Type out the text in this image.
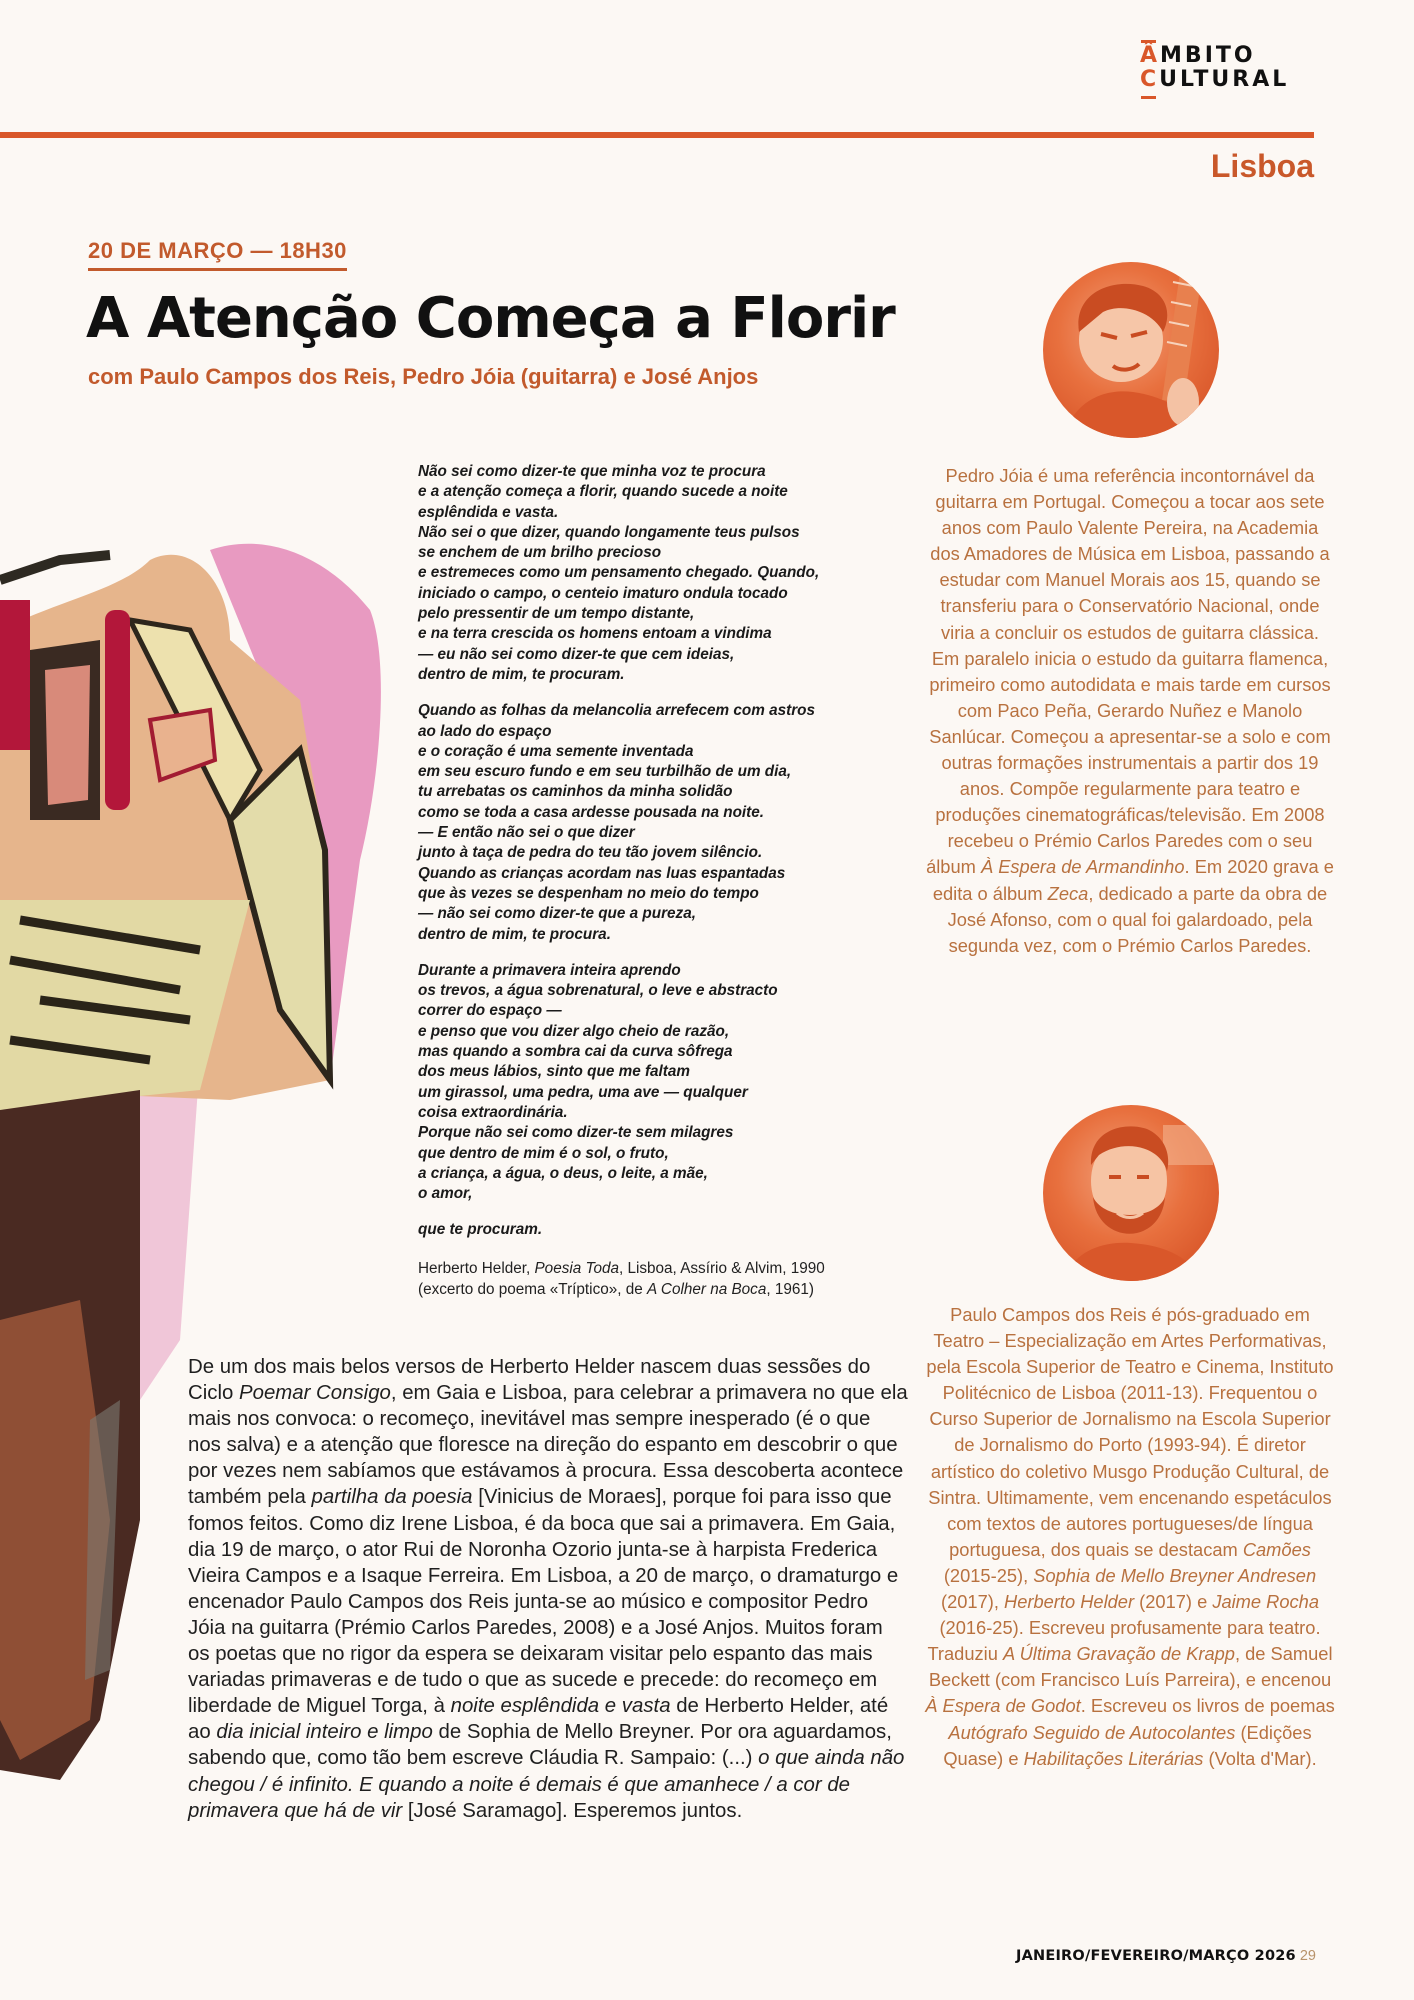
Â MBITO
C ULTURAL
Lisboa
20 DE MARÇO — 18H30
A Atenção Começa a Florir
com Paulo Campos dos Reis, Pedro Jóia (guitarra) e José Anjos
Não sei como dizer-te que minha voz te procura
e a atenção começa a florir, quando sucede a noite
esplêndida e vasta.
Não sei o que dizer, quando longamente teus pulsos
se enchem de um brilho precioso
e estremeces como um pensamento chegado. Quando,
iniciado o campo, o centeio imaturo ondula tocado
pelo pressentir de um tempo distante,
e na terra crescida os homens entoam a vindima
— eu não sei como dizer-te que cem ideias,
dentro de mim, te procuram.
Quando as folhas da melancolia arrefecem com astros
ao lado do espaço
e o coração é uma semente inventada
em seu escuro fundo e em seu turbilhão de um dia,
tu arrebatas os caminhos da minha solidão
como se toda a casa ardesse pousada na noite.
— E então não sei o que dizer
junto à taça de pedra do teu tão jovem silêncio.
Quando as crianças acordam nas luas espantadas
que às vezes se despenham no meio do tempo
— não sei como dizer-te que a pureza,
dentro de mim, te procura.
Durante a primavera inteira aprendo
os trevos, a água sobrenatural, o leve e abstracto
correr do espaço —
e penso que vou dizer algo cheio de razão,
mas quando a sombra cai da curva sôfrega
dos meus lábios, sinto que me faltam
um girassol, uma pedra, uma ave — qualquer
coisa extraordinária.
Porque não sei como dizer-te sem milagres
que dentro de mim é o sol, o fruto,
a criança, a água, o deus, o leite, a mãe,
o amor,
que te procuram.
Herberto Helder, Poesia Toda, Lisboa, Assírio & Alvim, 1990
(excerto do poema «Tríptico», de A Colher na Boca, 1961)
Pedro Jóia é uma referência incontornável da guitarra em Portugal. Começou a tocar aos sete anos com Paulo Valente Pereira, na Academia dos Amadores de Música em Lisboa, passando a estudar com Manuel Morais aos 15, quando se transferiu para o Conservatório Nacional, onde viria a concluir os estudos de guitarra clássica. Em paralelo inicia o estudo da guitarra flamenca, primeiro como autodidata e mais tarde em cursos com Paco Peña, Gerardo Nuñez e Manolo Sanlúcar. Começou a apresentar-se a solo e com outras formações instrumentais a partir dos 19 anos. Compõe regularmente para teatro e produções cinematográficas/televisão. Em 2008 recebeu o Prémio Carlos Paredes com o seu álbum À Espera de Armandinho. Em 2020 grava e edita o álbum Zeca, dedicado a parte da obra de José Afonso, com o qual foi galardoado, pela segunda vez, com o Prémio Carlos Paredes.
Paulo Campos dos Reis é pós-graduado em Teatro – Especialização em Artes Performativas, pela Escola Superior de Teatro e Cinema, Instituto Politécnico de Lisboa (2011-13). Frequentou o Curso Superior de Jornalismo na Escola Superior de Jornalismo do Porto (1993-94). É diretor artístico do coletivo Musgo Produção Cultural, de Sintra. Ultimamente, vem encenando espetáculos com textos de autores portugueses/de língua portuguesa, dos quais se destacam Camões (2015-25), Sophia de Mello Breyner Andresen (2017), Herberto Helder (2017) e Jaime Rocha (2016-25). Escreveu profusamente para teatro. Traduziu A Última Gravação de Krapp, de Samuel Beckett (com Francisco Luís Parreira), e encenou À Espera de Godot. Escreveu os livros de poemas Autógrafo Seguido de Autocolantes (Edições Quase) e Habilitações Literárias (Volta d'Mar).
De um dos mais belos versos de Herberto Helder nascem duas sessões do Ciclo Poemar Consigo, em Gaia e Lisboa, para celebrar a primavera no que ela mais nos convoca: o recomeço, inevitável mas sempre inesperado (é o que nos salva) e a atenção que floresce na direção do espanto em descobrir o que por vezes nem sabíamos que estávamos à procura. Essa descoberta acontece também pela partilha da poesia [Vinicius de Moraes], porque foi para isso que fomos feitos. Como diz Irene Lisboa, é da boca que sai a primavera. Em Gaia, dia 19 de março, o ator Rui de Noronha Ozorio junta-se à harpista Frederica Vieira Campos e a Isaque Ferreira. Em Lisboa, a 20 de março, o dramaturgo e encenador Paulo Campos dos Reis junta-se ao músico e compositor Pedro Jóia na guitarra (Prémio Carlos Paredes, 2008) e a José Anjos. Muitos foram os poetas que no rigor da espera se deixaram visitar pelo espanto das mais variadas primaveras e de tudo o que as sucede e precede: do recomeço em liberdade de Miguel Torga, à noite esplêndida e vasta de Herberto Helder, até ao dia inicial inteiro e limpo de Sophia de Mello Breyner. Por ora aguardamos, sabendo que, como tão bem escreve Cláudia R. Sampaio: (...) o que ainda não chegou / é infinito. E quando a noite é demais é que amanhece / a cor de primavera que há de vir [José Saramago]. Esperemos juntos.
JANEIRO/FEVEREIRO/MARÇO 2026 29
